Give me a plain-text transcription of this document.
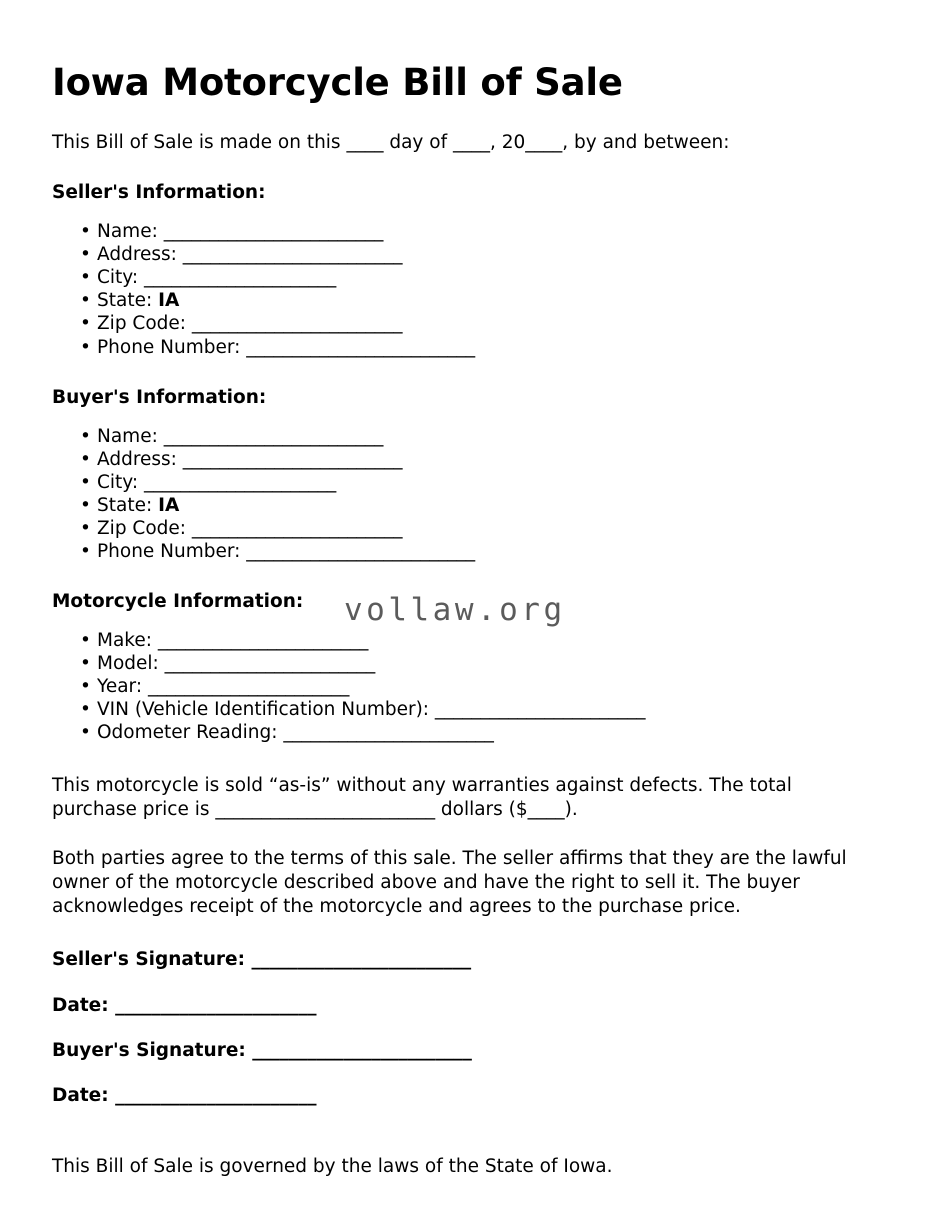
Iowa Motorcycle Bill of Sale

This Bill of Sale is made on this ____ day of ____, 20____, by and between:

Seller's Information:
• Name: ________________________
• Address: ________________________
• City: _____________________
• State: IA
• Zip Code: _______________________
• Phone Number: _________________________
Buyer's Information:
• Name: ________________________
• Address: ________________________
• City: _____________________
• State: IA
• Zip Code: _______________________
• Phone Number: _________________________
Motorcycle Information:
• Make: _______________________
• Model: _______________________
• Year: ______________________
• VIN (Vehicle Identification Number): _______________________
• Odometer Reading: _______________________

This motorcycle is sold “as-is” without any warranties against defects. The total purchase price is ________________________ dollars ($____).

Both parties agree to the terms of this sale. The seller affirms that they are the lawful owner of the motorcycle described above and have the right to sell it. The buyer acknowledges receipt of the motorcycle and agrees to the purchase price.

Seller's Signature: ________________________
Date: ______________________
Buyer's Signature: ________________________
Date: ______________________

This Bill of Sale is governed by the laws of the State of Iowa.

vollaw.org
